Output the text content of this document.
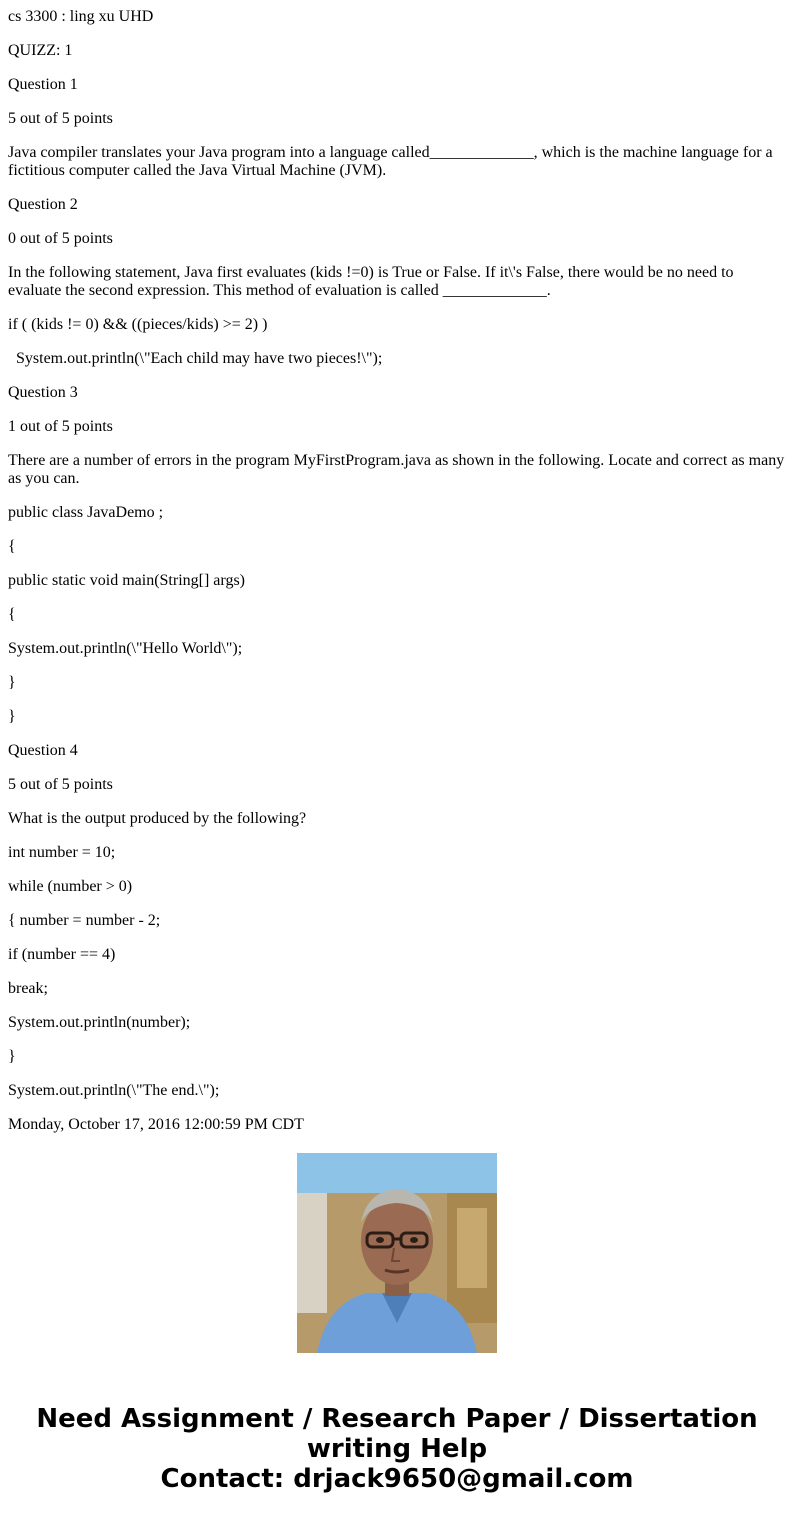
cs 3300 : ling xu UHD

QUIZZ: 1

Question 1

5 out of 5 points

Java compiler translates your Java program into a language called_____________, which is the machine language for a fictitious computer called the Java Virtual Machine (JVM).

Question 2

0 out of 5 points

In the following statement, Java first evaluates (kids !=0) is True or False. If it\'s False, there would be no need to evaluate the second expression. This method of evaluation is called _____________.

if ( (kids != 0) && ((pieces/kids) >= 2) )

System.out.println(\"Each child may have two pieces!\");

Question 3

1 out of 5 points

There are a number of errors in the program MyFirstProgram.java as shown in the following. Locate and correct as many as you can.

public class JavaDemo ;

{

public static void main(String[] args)

{

System.out.println(\"Hello World\");

}

}

Question 4

5 out of 5 points

What is the output produced by the following?

int number = 10;

while (number > 0)

{ number = number - 2;

if (number == 4)

break;

System.out.println(number);

}

System.out.println(\"The end.\");

Monday, October 17, 2016 12:00:59 PM CDT

Need Assignment / Research Paper / Dissertation
writing Help
Contact: drjack9650@gmail.com
